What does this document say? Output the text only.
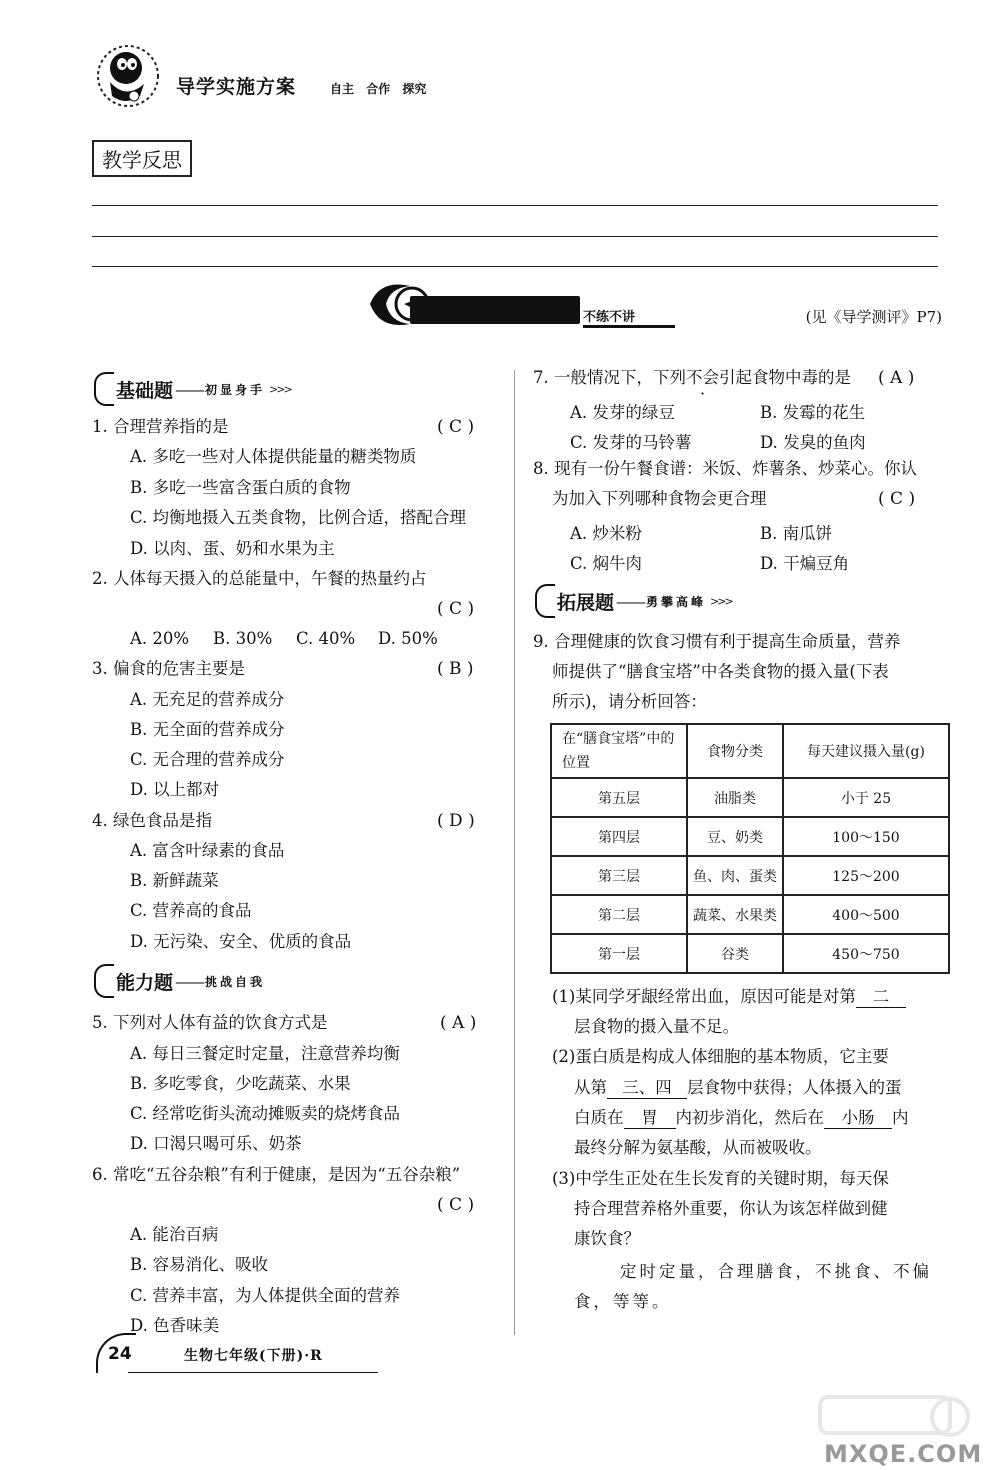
导学实施方案	自主 合作 探究
教学反思
不练不讲	(见《导学测评》P7)
基础题 —— 初显身手 >>>
1. 合理营养指的是	( C )
A. 多吃一些对人体提供能量的糖类物质
B. 多吃一些富含蛋白质的食物
C. 均衡地摄入五类食物，比例合适，搭配合理
D. 以肉、蛋、奶和水果为主
2. 人体每天摄入的总能量中，午餐的热量约占
( C )
A. 20% B. 30% C. 40% D. 50%
3. 偏食的危害主要是	( B )
A. 无充足的营养成分
B. 无全面的营养成分
C. 无合理的营养成分
D. 以上都对
4. 绿色食品是指	( D )
A. 富含叶绿素的食品
B. 新鲜蔬菜
C. 营养高的食品
D. 无污染、安全、优质的食品
能力题 —— 挑战自我
5. 下列对人体有益的饮食方式是	( A )
A. 每日三餐定时定量，注意营养均衡
B. 多吃零食，少吃蔬菜、水果
C. 经常吃街头流动摊贩卖的烧烤食品
D. 口渴只喝可乐、奶茶
6. 常吃“五谷杂粮”有利于健康，是因为“五谷杂粮”
( C )
A. 能治百病
B. 容易消化、吸收
C. 营养丰富，为人体提供全面的营养
D. 色香味美
7. 一般情况下，下列不会引起食物中毒的是 ( A )
A. 发芽的绿豆	B. 发霉的花生
C. 发芽的马铃薯	D. 发臭的鱼肉
8. 现有一份午餐食谱：米饭、炸薯条、炒菜心。你认
为加入下列哪种食物会更合理	( C )
A. 炒米粉	B. 南瓜饼
C. 焖牛肉	D. 干煸豆角
拓展题 —— 勇攀高峰 >>>
9. 合理健康的饮食习惯有利于提高生命质量，营养
师提供了“膳食宝塔”中各类食物的摄入量(下表
所示)，请分析回答：
在“膳食宝塔”中的位置	食物分类	每天建议摄入量(g)
第五层	油脂类	小于 25
第四层	豆、奶类	100～150
第三层	鱼、肉、蛋类	125～200
第二层	蔬菜、水果类	400～500
第一层	谷类	450～750
(1)某同学牙龈经常出血，原因可能是对第 二
层食物的摄入量不足。
(2)蛋白质是构成人体细胞的基本物质，它主要
从第 三、四 层食物中获得；人体摄入的蛋
白质在 胃 内初步消化，然后在 小肠 内
最终分解为氨基酸，从而被吸收。
(3)中学生正处在生长发育的关键时期，每天保
持合理营养格外重要，你认为该怎样做到健
康饮食？
定时定量，合理膳食，不挑食、不偏
食，等等。
24	生物七年级(下册)·R
MXQE.COM
